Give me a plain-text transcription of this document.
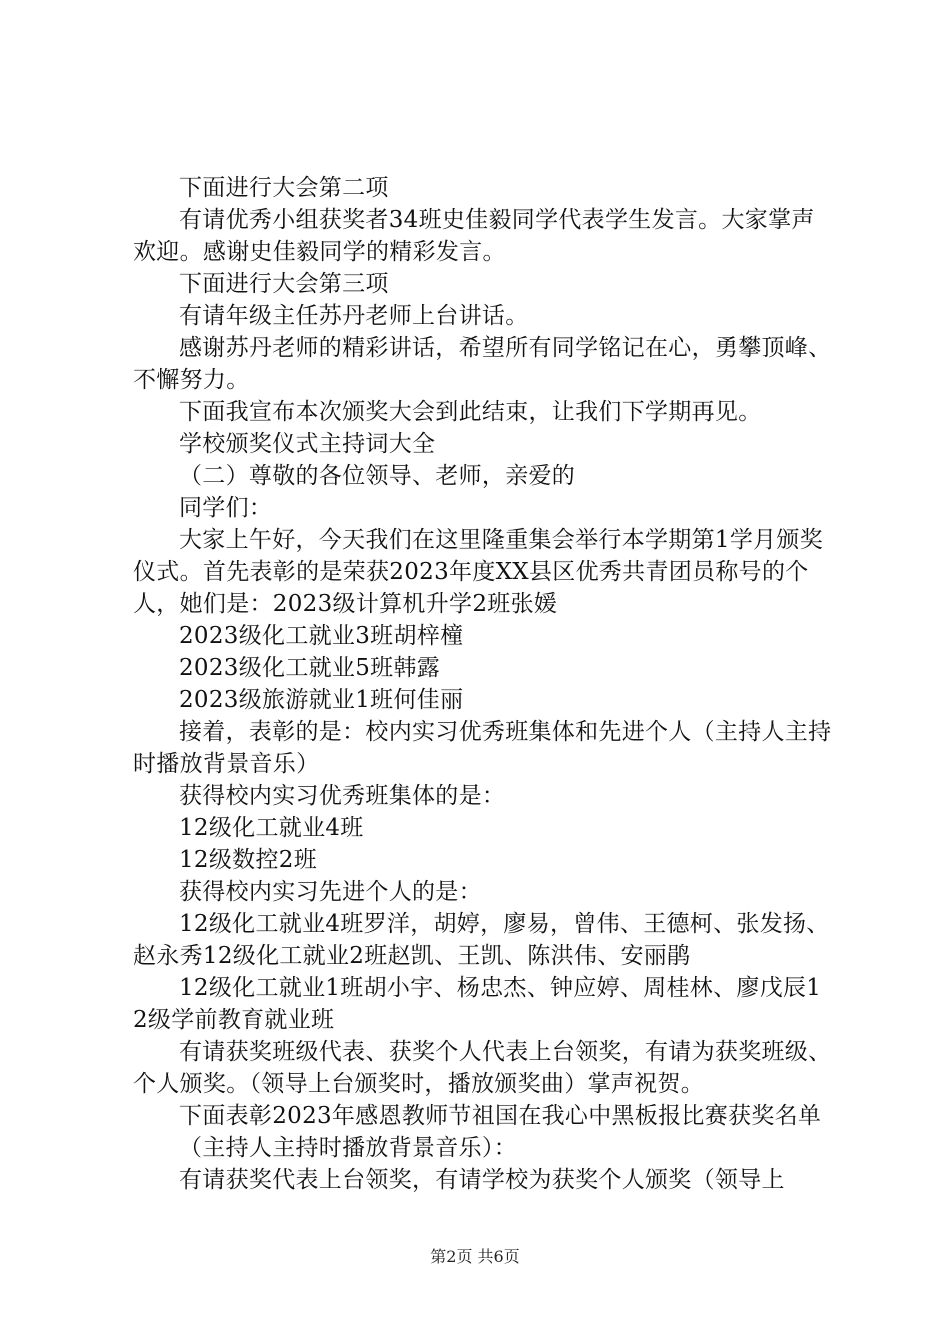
下面进行大会第二项

有请优秀小组获奖者34班史佳毅同学代表学生发言。大家掌声欢迎。感谢史佳毅同学的精彩发言。

下面进行大会第三项

有请年级主任苏丹老师上台讲话。

感谢苏丹老师的精彩讲话，希望所有同学铭记在心，勇攀顶峰、不懈努力。

下面我宣布本次颁奖大会到此结束，让我们下学期再见。

学校颁奖仪式主持词大全

（二）尊敬的各位领导、老师，亲爱的

同学们：

大家上午好，今天我们在这里隆重集会举行本学期第1学月颁奖仪式。首先表彰的是荣获2023年度XX县区优秀共青团员称号的个人，她们是：2023级计算机升学2班张媛

2023级化工就业3班胡梓橦

2023级化工就业5班韩露

2023级旅游就业1班何佳丽

接着，表彰的是：校内实习优秀班集体和先进个人（主持人主持时播放背景音乐）

获得校内实习优秀班集体的是：

12级化工就业4班

12级数控2班

获得校内实习先进个人的是：

12级化工就业4班罗洋，胡婷，廖易，曾伟、王德柯、张发扬、赵永秀12级化工就业2班赵凯、王凯、陈洪伟、安丽鹃

12级化工就业1班胡小宇、杨忠杰、钟应婷、周桂林、廖戊辰12级学前教育就业班

有请获奖班级代表、获奖个人代表上台领奖，有请为获奖班级、个人颁奖。（领导上台颁奖时，播放颁奖曲）掌声祝贺。

下面表彰2023年感恩教师节祖国在我心中黑板报比赛获奖名单

（主持人主持时播放背景音乐）：

有请获奖代表上台领奖，有请学校为获奖个人颁奖（领导上

第2页 共6页
